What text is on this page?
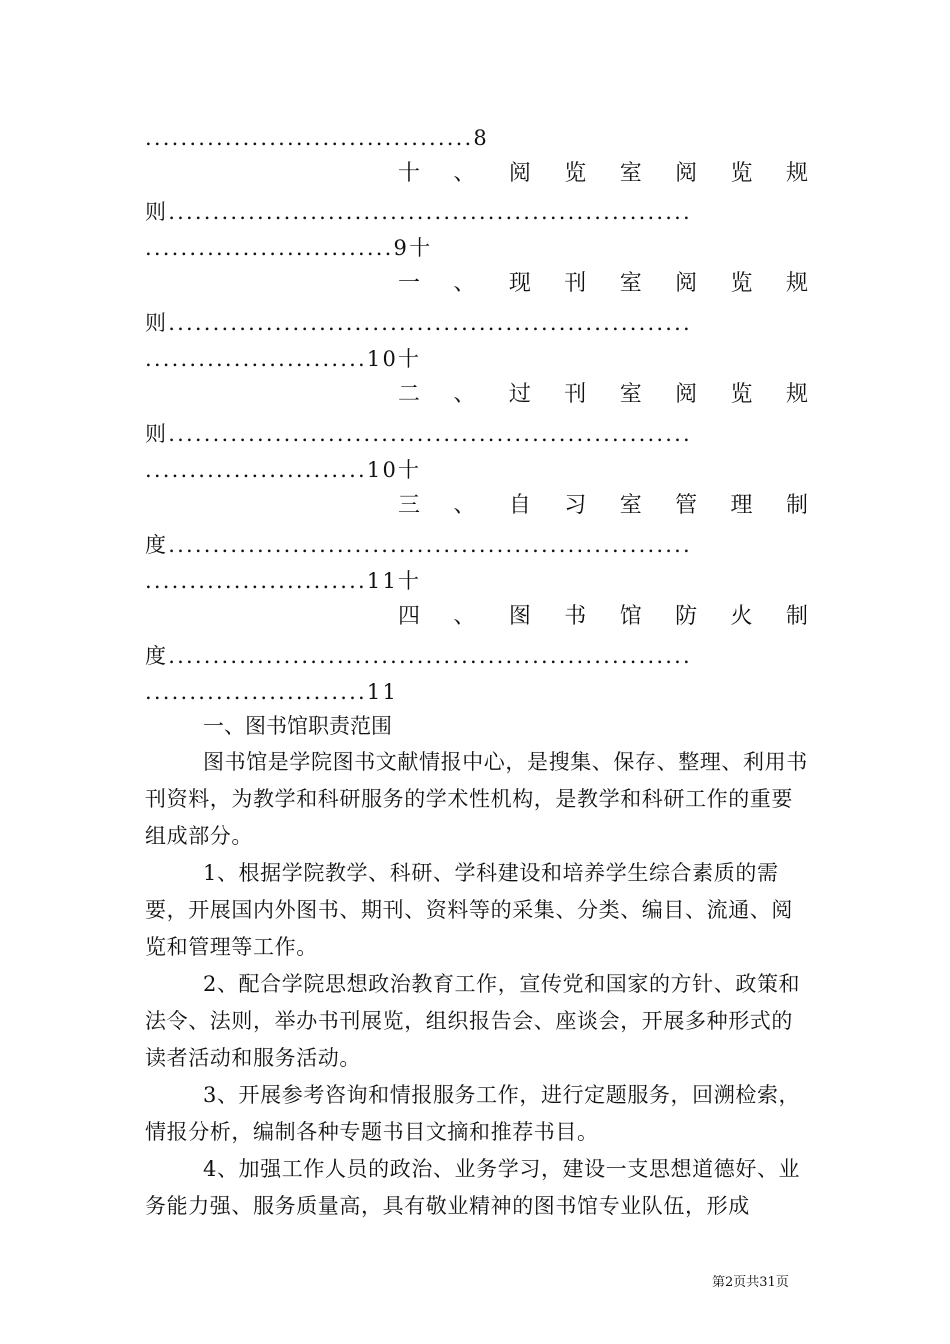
.....................................8
十 、 阅 览 室 阅 览 规
则...........................................................
............................9十
一 、 现 刊 室 阅 览 规
则...........................................................
.........................10十
二 、 过 刊 室 阅 览 规
则...........................................................
.........................10十
三 、 自 习 室 管 理 制
度...........................................................
.........................11十
四 、 图 书 馆 防 火 制
度...........................................................
.........................11
一、图书馆职责范围
图书馆是学院图书文献情报中心，是搜集、保存、整理、利用书刊资料，为教学和科研服务的学术性机构，是教学和科研工作的重要组成部分。
1、根据学院教学、科研、学科建设和培养学生综合素质的需要，开展国内外图书、期刊、资料等的采集、分类、编目、流通、阅览和管理等工作。
2、配合学院思想政治教育工作，宣传党和国家的方针、政策和法令、法则，举办书刊展览，组织报告会、座谈会，开展多种形式的读者活动和服务活动。
3、开展参考咨询和情报服务工作，进行定题服务，回溯检索，情报分析，编制各种专题书目文摘和推荐书目。
4、加强工作人员的政治、业务学习，建设一支思想道德好、业务能力强、服务质量高，具有敬业精神的图书馆专业队伍，形成
第2页共31页
